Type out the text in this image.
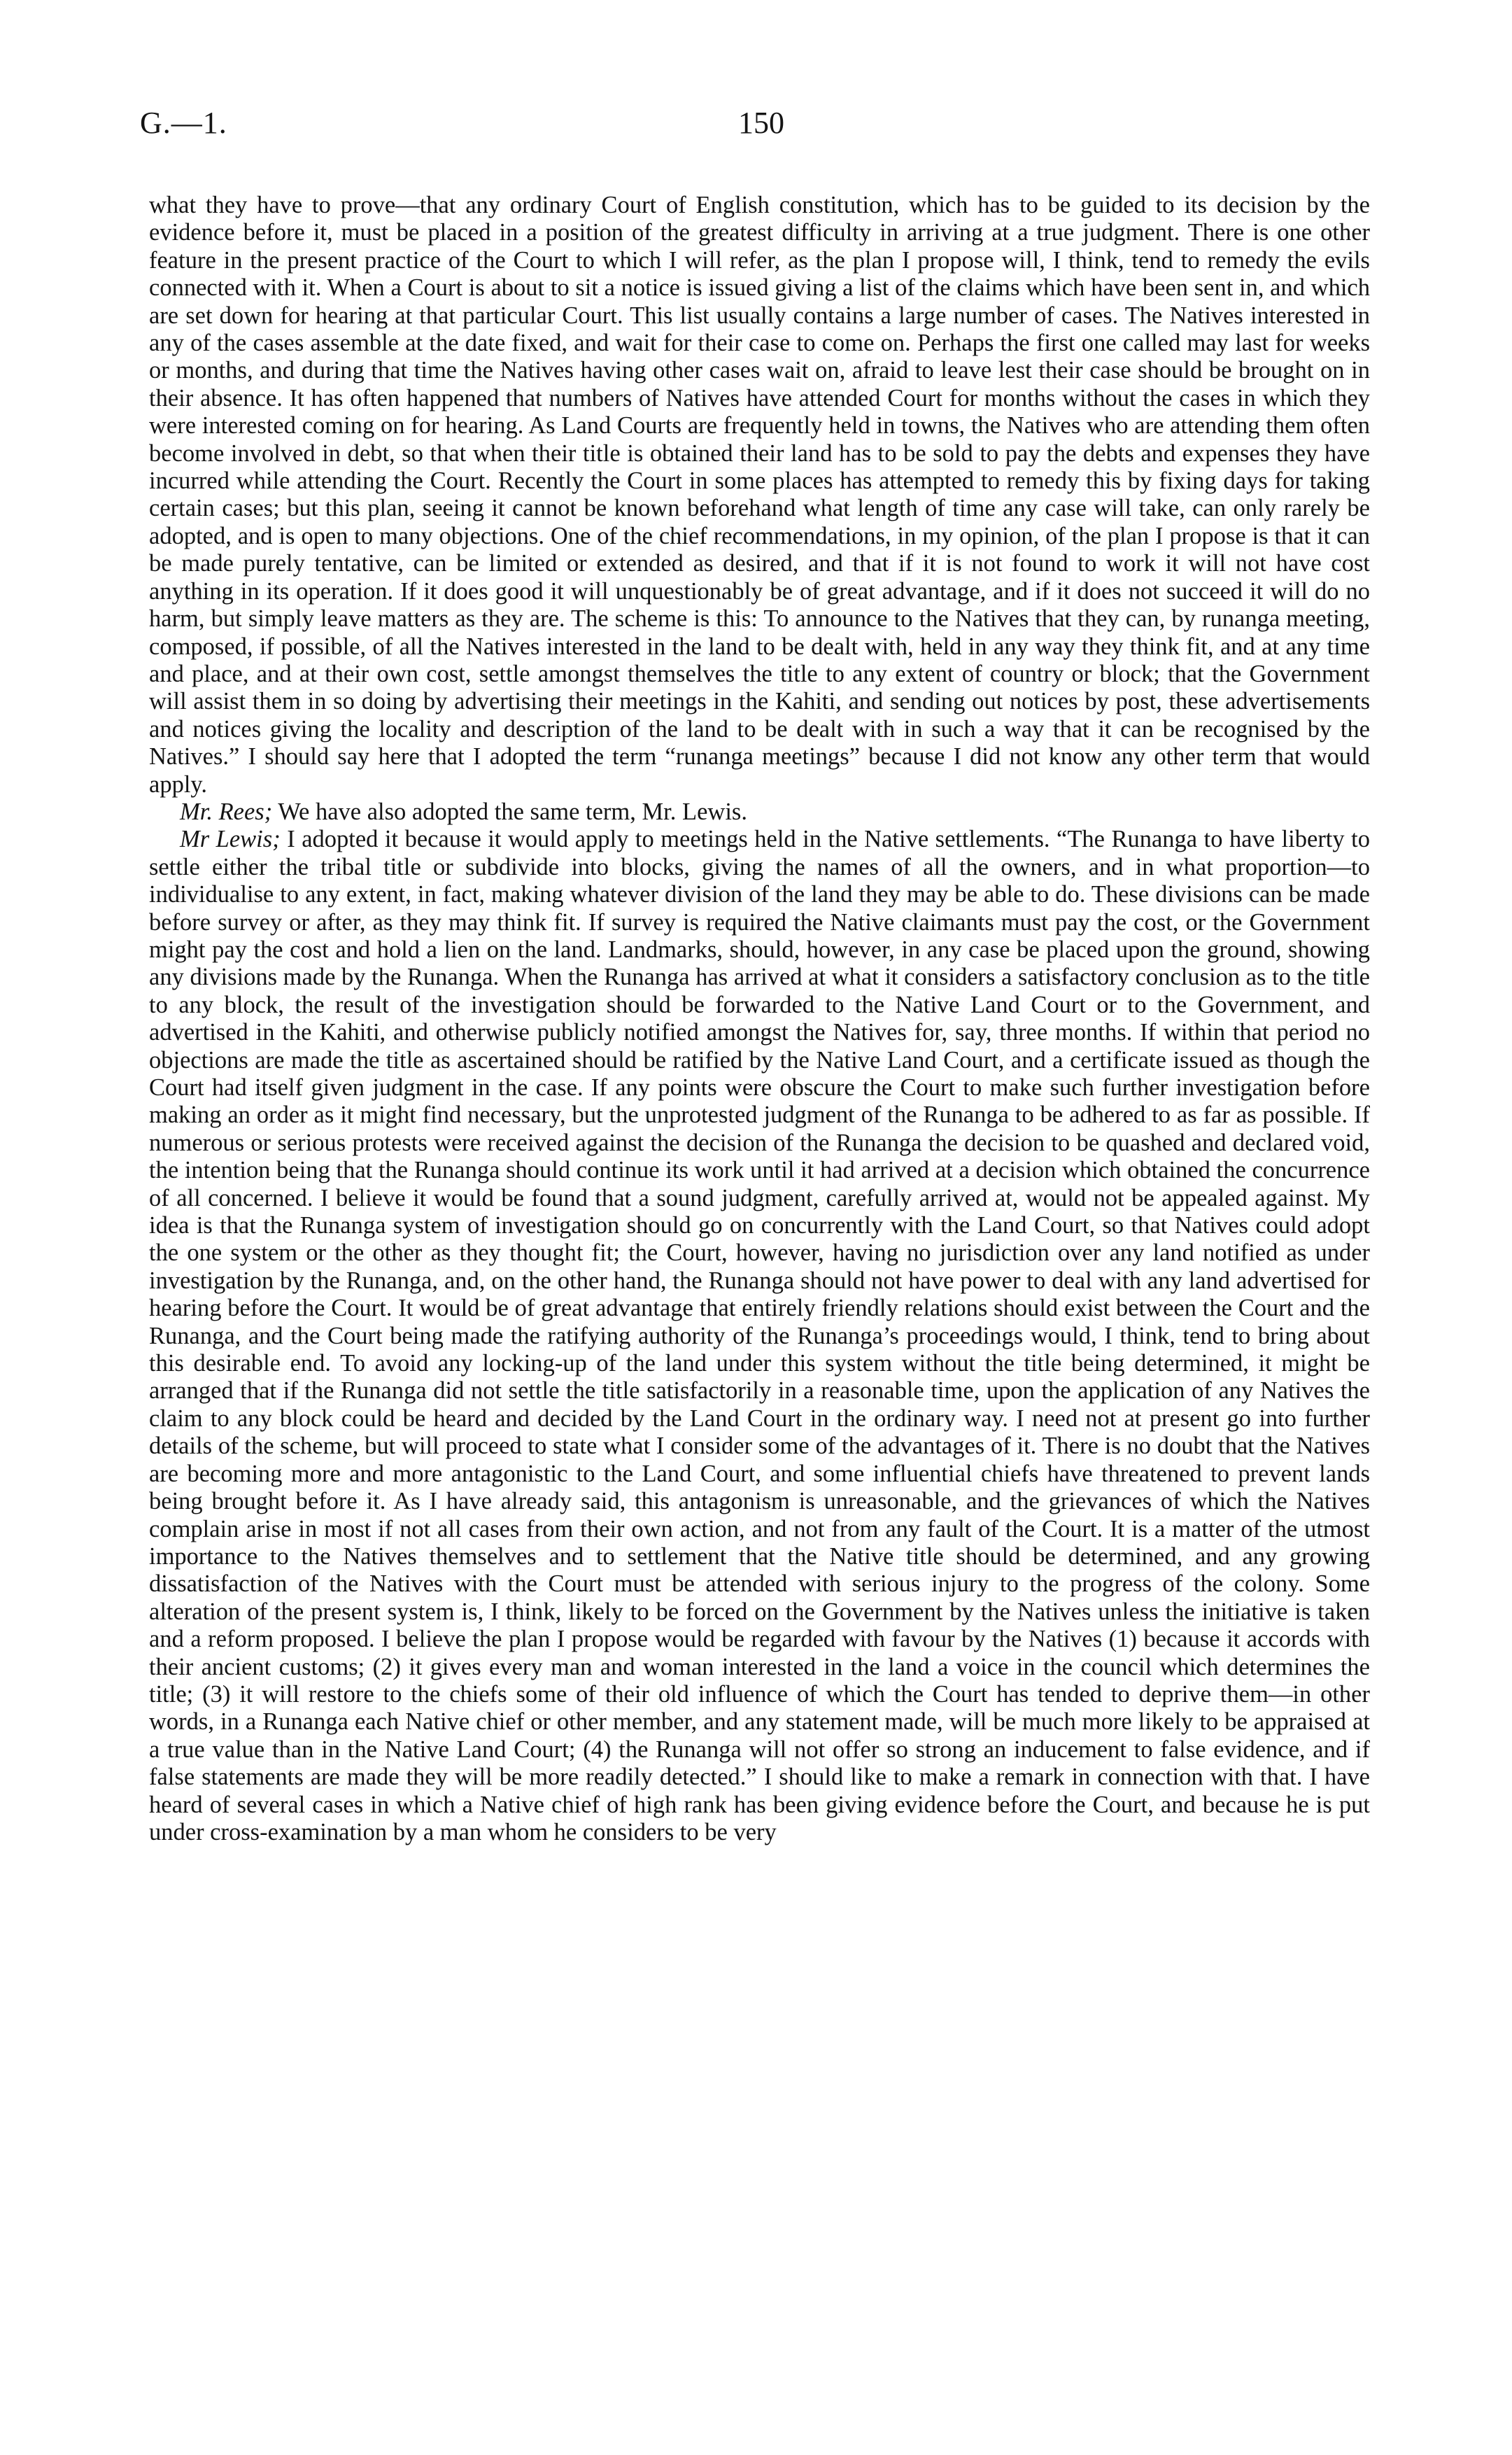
G.—1.	150

what they have to prove—that any ordinary Court of English constitution, which has to be guided to its decision by the evidence before it, must be placed in a position of the greatest difficulty in arriving at a true judgment. There is one other feature in the present practice of the Court to which I will refer, as the plan I propose will, I think, tend to remedy the evils connected with it. When a Court is about to sit a notice is issued giving a list of the claims which have been sent in, and which are set down for hearing at that particular Court. This list usually contains a large number of cases. The Natives interested in any of the cases assemble at the date fixed, and wait for their case to come on. Perhaps the first one called may last for weeks or months, and during that time the Natives having other cases wait on, afraid to leave lest their case should be brought on in their absence. It has often happened that numbers of Natives have attended Court for months without the cases in which they were interested coming on for hearing. As Land Courts are frequently held in towns, the Natives who are attending them often become involved in debt, so that when their title is obtained their land has to be sold to pay the debts and expenses they have incurred while attending the Court. Recently the Court in some places has attempted to remedy this by fixing days for taking certain cases; but this plan, seeing it cannot be known beforehand what length of time any case will take, can only rarely be adopted, and is open to many objections. One of the chief recommendations, in my opinion, of the plan I propose is that it can be made purely tentative, can be limited or extended as desired, and that if it is not found to work it will not have cost anything in its operation. If it does good it will unquestionably be of great advantage, and if it does not succeed it will do no harm, but simply leave matters as they are. The scheme is this: To announce to the Natives that they can, by runanga meeting, composed, if possible, of all the Natives interested in the land to be dealt with, held in any way they think fit, and at any time and place, and at their own cost, settle amongst themselves the title to any extent of country or block; that the Government will assist them in so doing by advertising their meetings in the Kahiti, and sending out notices by post, these advertisements and notices giving the locality and description of the land to be dealt with in such a way that it can be recognised by the Natives.” I should say here that I adopted the term “runanga meetings” because I did not know any other term that would apply.

Mr. Rees; We have also adopted the same term, Mr. Lewis.

Mr Lewis; I adopted it because it would apply to meetings held in the Native settlements. “The Runanga to have liberty to settle either the tribal title or subdivide into blocks, giving the names of all the owners, and in what proportion—to individualise to any extent, in fact, making whatever division of the land they may be able to do. These divisions can be made before survey or after, as they may think fit. If survey is required the Native claimants must pay the cost, or the Government might pay the cost and hold a lien on the land. Landmarks, should, however, in any case be placed upon the ground, showing any divisions made by the Runanga. When the Runanga has arrived at what it considers a satisfactory conclusion as to the title to any block, the result of the investigation should be forwarded to the Native Land Court or to the Government, and advertised in the Kahiti, and otherwise publicly notified amongst the Natives for, say, three months. If within that period no objections are made the title as ascertained should be ratified by the Native Land Court, and a certificate issued as though the Court had itself given judgment in the case. If any points were obscure the Court to make such further investigation before making an order as it might find necessary, but the unprotested judgment of the Runanga to be adhered to as far as possible. If numerous or serious protests were received against the decision of the Runanga the decision to be quashed and declared void, the intention being that the Runanga should continue its work until it had arrived at a decision which obtained the concurrence of all concerned. I believe it would be found that a sound judgment, carefully arrived at, would not be appealed against. My idea is that the Runanga system of investigation should go on concurrently with the Land Court, so that Natives could adopt the one system or the other as they thought fit; the Court, however, having no jurisdiction over any land notified as under investigation by the Runanga, and, on the other hand, the Runanga should not have power to deal with any land advertised for hearing before the Court. It would be of great advantage that entirely friendly relations should exist between the Court and the Runanga, and the Court being made the ratifying authority of the Runanga’s proceedings would, I think, tend to bring about this desirable end. To avoid any locking-up of the land under this system without the title being determined, it might be arranged that if the Runanga did not settle the title satisfactorily in a reasonable time, upon the application of any Natives the claim to any block could be heard and decided by the Land Court in the ordinary way. I need not at present go into further details of the scheme, but will proceed to state what I consider some of the advantages of it. There is no doubt that the Natives are becoming more and more antagonistic to the Land Court, and some influential chiefs have threatened to prevent lands being brought before it. As I have already said, this antagonism is unreasonable, and the grievances of which the Natives complain arise in most if not all cases from their own action, and not from any fault of the Court. It is a matter of the utmost importance to the Natives themselves and to settlement that the Native title should be determined, and any growing dissatisfaction of the Natives with the Court must be attended with serious injury to the progress of the colony. Some alteration of the present system is, I think, likely to be forced on the Government by the Natives unless the initiative is taken and a reform proposed. I believe the plan I propose would be regarded with favour by the Natives (1) because it accords with their ancient customs; (2) it gives every man and woman interested in the land a voice in the council which determines the title; (3) it will restore to the chiefs some of their old influence of which the Court has tended to deprive them—in other words, in a Runanga each Native chief or other member, and any statement made, will be much more likely to be appraised at a true value than in the Native Land Court; (4) the Runanga will not offer so strong an inducement to false evidence, and if false statements are made they will be more readily detected.” I should like to make a remark in connection with that. I have heard of several cases in which a Native chief of high rank has been giving evidence before the Court, and because he is put under cross-examination by a man whom he considers to be very
